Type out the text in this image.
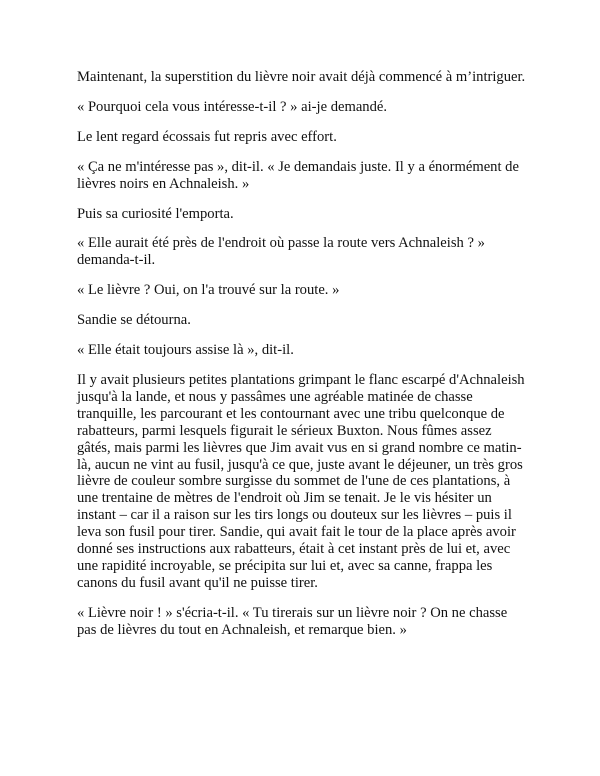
Maintenant, la superstition du lièvre noir avait déjà commencé à m’intriguer.

« Pourquoi cela vous intéresse-t-il ? » ai-je demandé.

Le lent regard écossais fut repris avec effort.

« Ça ne m'intéresse pas », dit-il. « Je demandais juste. Il y a énormément de lièvres noirs en Achnaleish. »

Puis sa curiosité l'emporta.

« Elle aurait été près de l'endroit où passe la route vers Achnaleish ? » demanda-t-il.

« Le lièvre ? Oui, on l'a trouvé sur la route. »

Sandie se détourna.

« Elle était toujours assise là », dit-il.

Il y avait plusieurs petites plantations grimpant le flanc escarpé d'Achnaleish jusqu'à la lande, et nous y passâmes une agréable matinée de chasse tranquille, les parcourant et les contournant avec une tribu quelconque de rabatteurs, parmi lesquels figurait le sérieux Buxton. Nous fûmes assez gâtés, mais parmi les lièvres que Jim avait vus en si grand nombre ce matin-là, aucun ne vint au fusil, jusqu'à ce que, juste avant le déjeuner, un très gros lièvre de couleur sombre surgisse du sommet de l'une de ces plantations, à une trentaine de mètres de l'endroit où Jim se tenait. Je le vis hésiter un instant – car il a raison sur les tirs longs ou douteux sur les lièvres – puis il leva son fusil pour tirer. Sandie, qui avait fait le tour de la place après avoir donné ses instructions aux rabatteurs, était à cet instant près de lui et, avec une rapidité incroyable, se précipita sur lui et, avec sa canne, frappa les canons du fusil avant qu'il ne puisse tirer.

« Lièvre noir ! » s'écria-t-il. « Tu tirerais sur un lièvre noir ? On ne chasse pas de lièvres du tout en Achnaleish, et remarque bien. »
